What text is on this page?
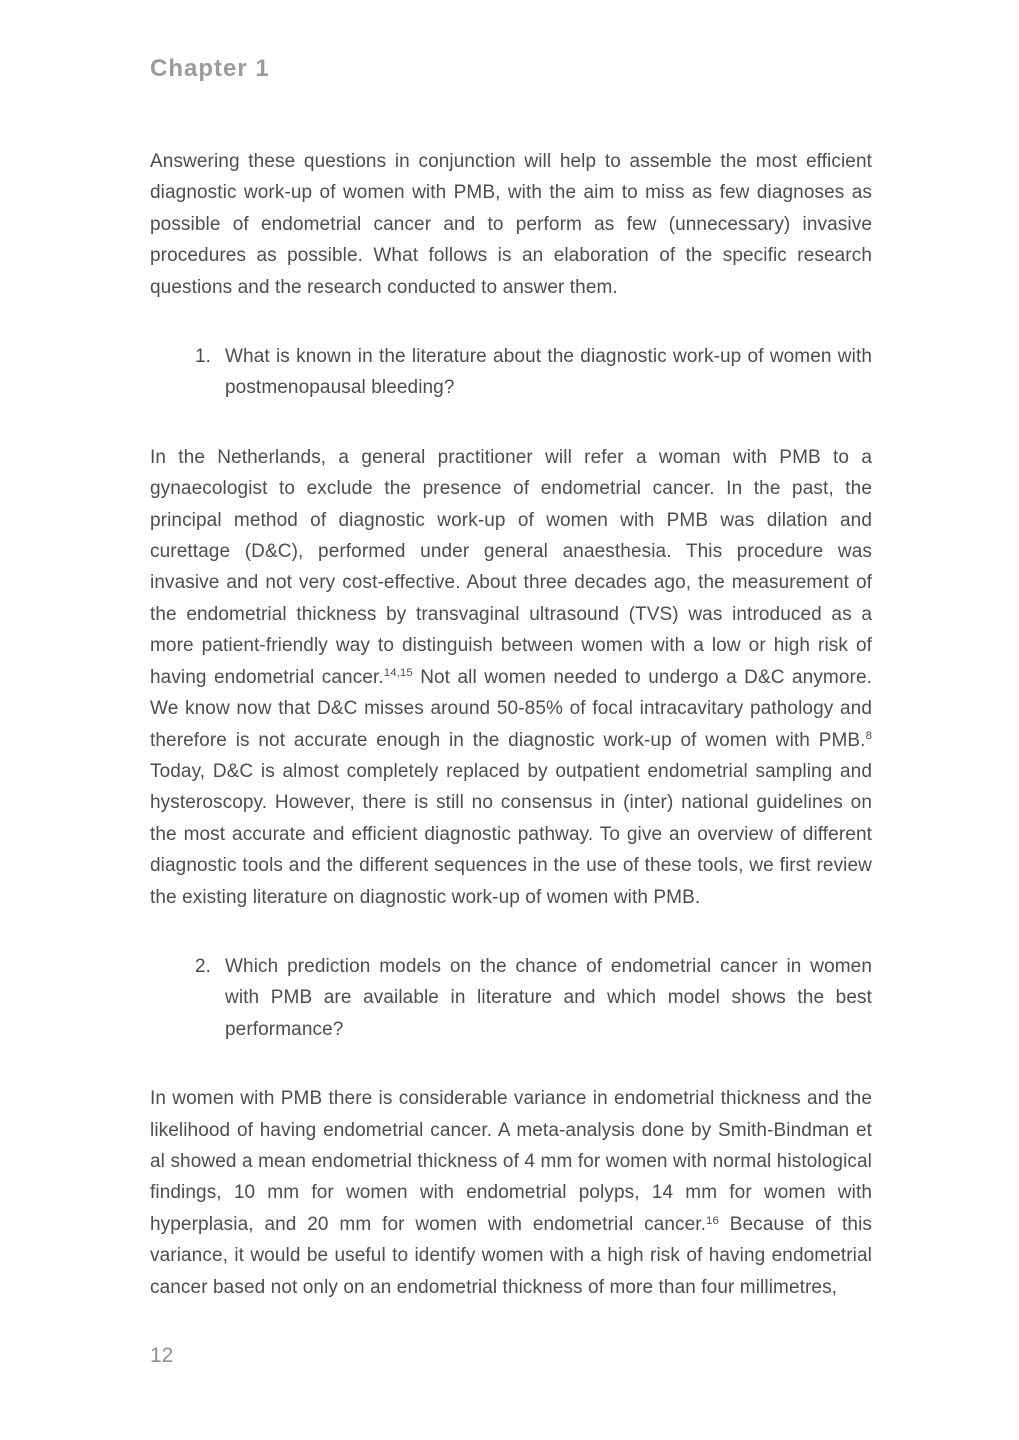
Chapter 1

Answering these questions in conjunction will help to assemble the most efficient diagnostic work-up of women with PMB, with the aim to miss as few diagnoses as possible of endometrial cancer and to perform as few (unnecessary) invasive procedures as possible. What follows is an elaboration of the specific research questions and the research conducted to answer them.

1. What is known in the literature about the diagnostic work-up of women with postmenopausal bleeding?

In the Netherlands, a general practitioner will refer a woman with PMB to a gynaecologist to exclude the presence of endometrial cancer. In the past, the principal method of diagnostic work-up of women with PMB was dilation and curettage (D&C), performed under general anaesthesia. This procedure was invasive and not very cost-effective. About three decades ago, the measurement of the endometrial thickness by transvaginal ultrasound (TVS) was introduced as a more patient-friendly way to distinguish between women with a low or high risk of having endometrial cancer.$^{14,15}$ Not all women needed to undergo a D&C anymore. We know now that D&C misses around 50-85% of focal intracavitary pathology and therefore is not accurate enough in the diagnostic work-up of women with PMB.$^8$ Today, D&C is almost completely replaced by outpatient endometrial sampling and hysteroscopy. However, there is still no consensus in (inter) national guidelines on the most accurate and efficient diagnostic pathway. To give an overview of different diagnostic tools and the different sequences in the use of these tools, we first review the existing literature on diagnostic work-up of women with PMB.

2. Which prediction models on the chance of endometrial cancer in women with PMB are available in literature and which model shows the best performance?

In women with PMB there is considerable variance in endometrial thickness and the likelihood of having endometrial cancer. A meta-analysis done by Smith-Bindman et al showed a mean endometrial thickness of 4 mm for women with normal histological findings, 10 mm for women with endometrial polyps, 14 mm for women with hyperplasia, and 20 mm for women with endometrial cancer.$^{16}$ Because of this variance, it would be useful to identify women with a high risk of having endometrial cancer based not only on an endometrial thickness of more than four millimetres,

12
